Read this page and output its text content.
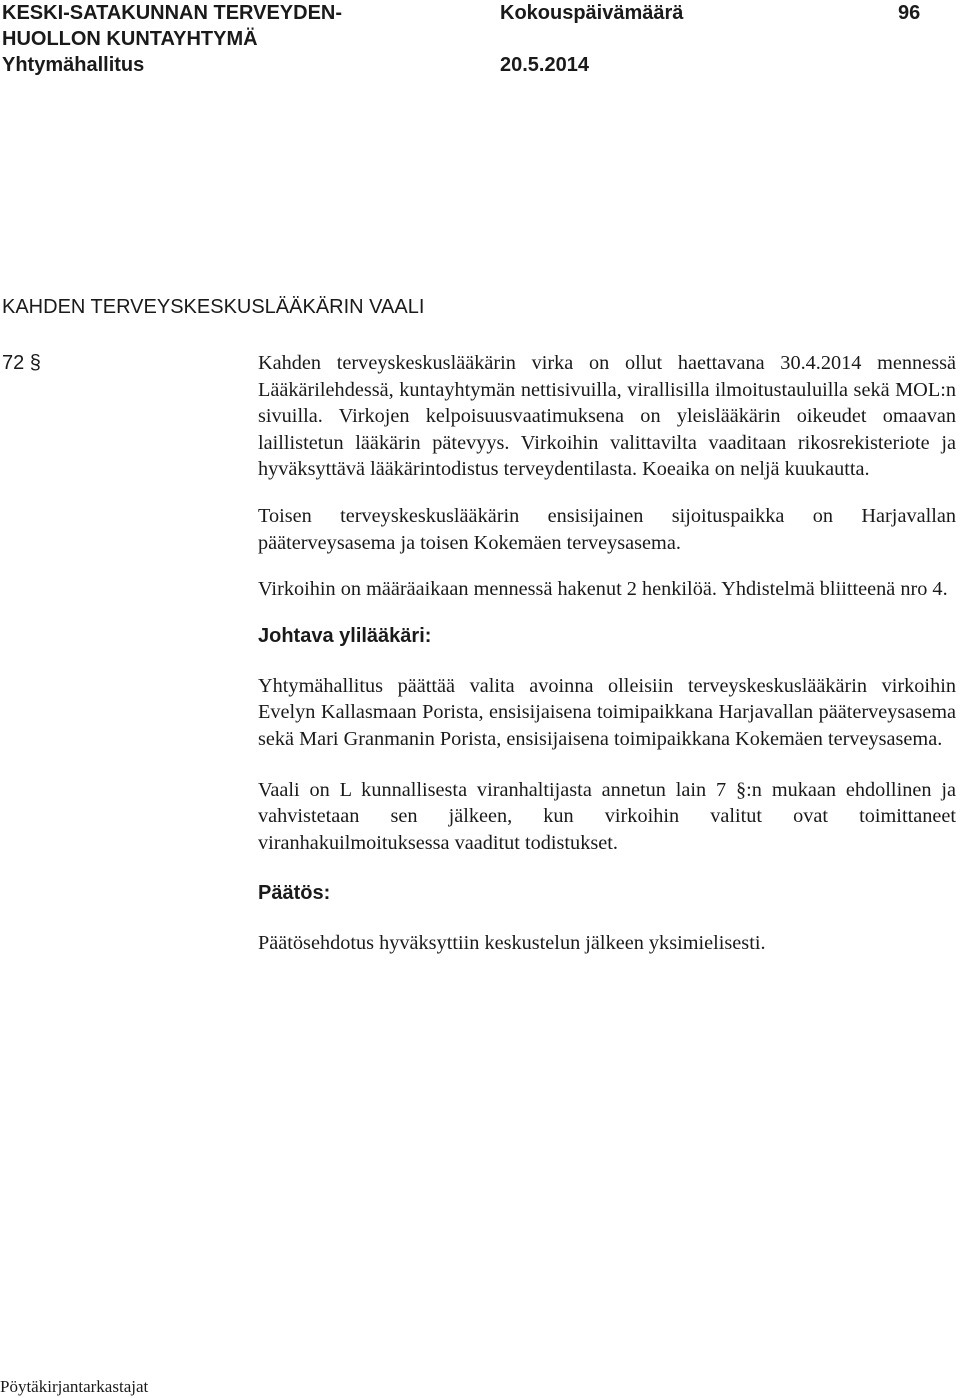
KESKI-SATAKUNNAN TERVEYDEN-
HUOLLON KUNTAYHTYMÄ
Yhtymähallitus
Kokouspäivämäärä
20.5.2014
96
KAHDEN TERVEYSKESKUSLÄÄKÄRIN VAALI
72 §	Kahden terveyskeskuslääkärin virka on ollut haettavana 30.4.2014 mennessä Lääkärilehdessä, kuntayhtymän nettisivuilla, virallisilla ilmoitustauluilla sekä MOL:n sivuilla. Virkojen kelpoisuusvaatimuksena on yleislääkärin oikeudet omaavan laillistetun lääkärin pätevyys. Virkoihin valittavilta vaaditaan rikosrekisteriote ja hyväksyttävä lääkärintodistus terveydentilasta. Koeaika on neljä kuukautta.

Toisen terveyskeskuslääkärin ensisijainen sijoituspaikka on Harjavallan pääterveysasema ja toisen Kokemäen terveysasema.

Virkoihin on määräaikaan mennessä hakenut 2 henkilöä. Yhdistelmä bliitteenä nro 4.

Johtava ylilääkäri:

Yhtymähallitus päättää valita avoinna olleisiin terveyskeskuslääkärin virkoihin Evelyn Kallasmaan Porista, ensisijaisena toimipaikkana Harjavallan pääterveysasema sekä Mari Granmanin Porista, ensisijaisena toimipaikkana Kokemäen terveysasema.

Vaali on L kunnallisesta viranhaltijasta annetun lain 7 §:n mukaan ehdollinen ja vahvistetaan sen jälkeen, kun virkoihin valitut ovat toimittaneet viranhakuilmoituksessa vaaditut todistukset.

Päätös:

Päätösehdotus hyväksyttiin keskustelun jälkeen yksimielisesti.

Pöytäkirjantarkastajat
